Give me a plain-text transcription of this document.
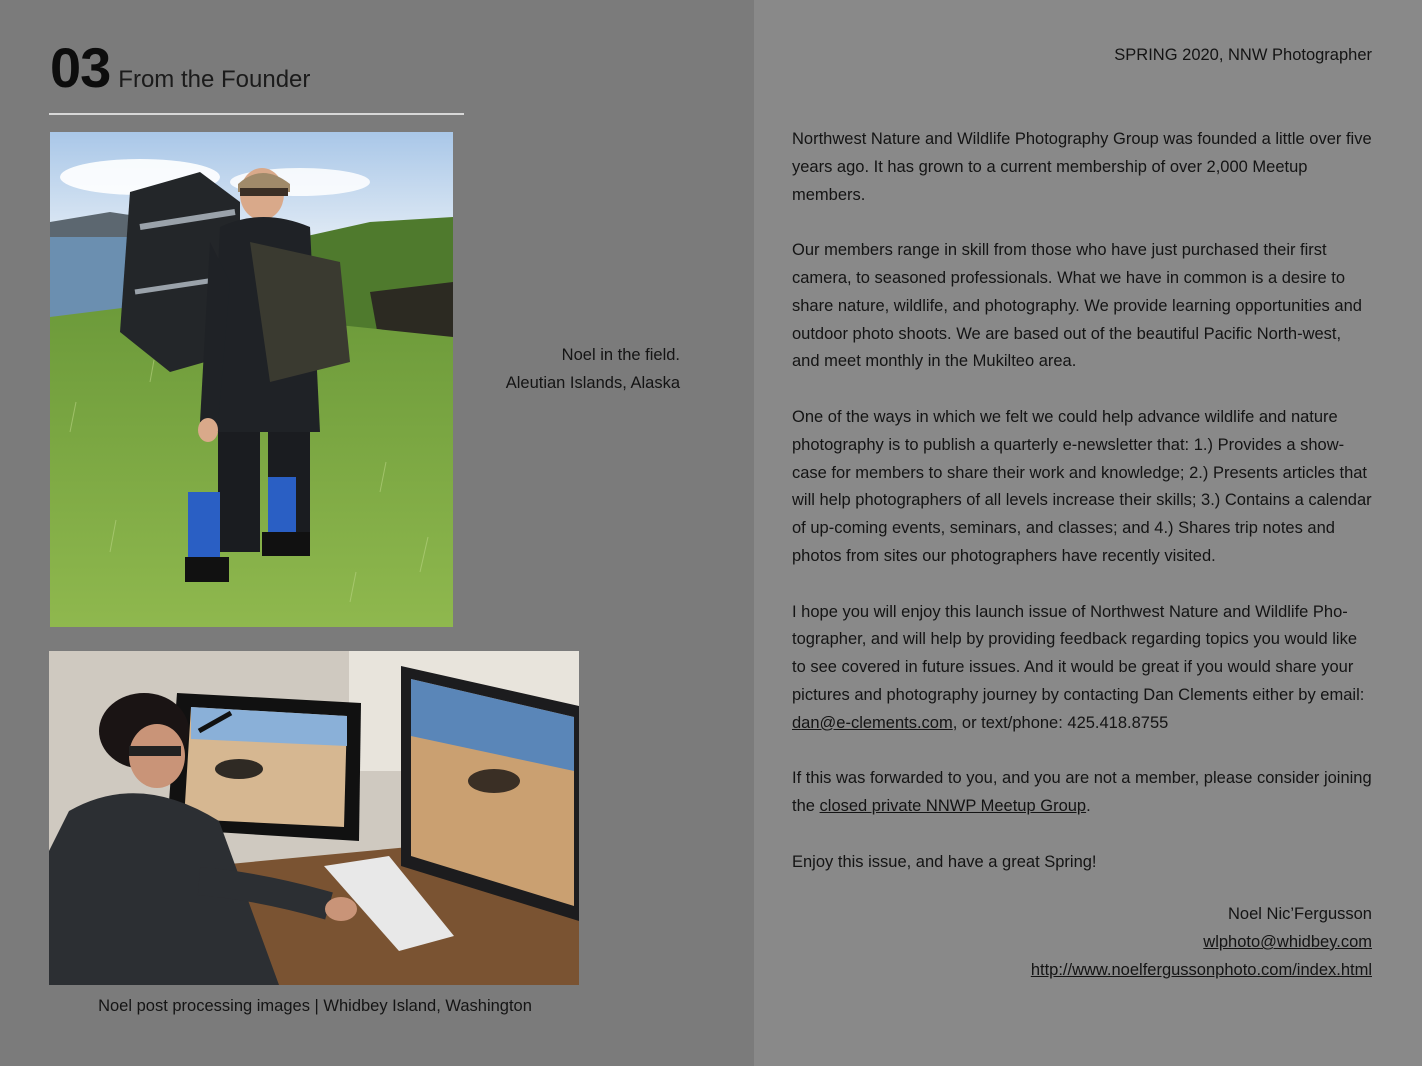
03 From the Founder
Noel in the field.
Aleutian Islands, Alaska
Noel post processing images | Whidbey Island, Washington
SPRING 2020, NNW Photographer

Northwest Nature and Wildlife Photography Group was founded a little over five years ago. It has grown to a current membership of over 2,000 Meetup members.

Our members range in skill from those who have just purchased their first camera, to seasoned professionals. What we have in common is a desire to share nature, wildlife, and photography. We provide learning opportunities and outdoor photo shoots. We are based out of the beautiful Pacific North-west, and meet monthly in the Mukilteo area.

One of the ways in which we felt we could help advance wildlife and nature photography is to publish a quarterly e-newsletter that: 1.) Provides a show-case for members to share their work and knowledge; 2.) Presents articles that will help photographers of all levels increase their skills; 3.) Contains a calendar of up-coming events, seminars, and classes; and 4.) Shares trip notes and photos from sites our photographers have recently visited.

I hope you will enjoy this launch issue of Northwest Nature and Wildlife Pho-tographer, and will help by providing feedback regarding topics you would like to see covered in future issues. And it would be great if you would share your pictures and photography journey by contacting Dan Clements either by email: dan@e-clements.com, or text/phone: 425.418.8755

If this was forwarded to you, and you are not a member, please consider joining the closed private NNWP Meetup Group.

Enjoy this issue, and have a great Spring!

Noel Nic’Fergusson
wlphoto@whidbey.com
http://www.noelfergussonphoto.com/index.html
